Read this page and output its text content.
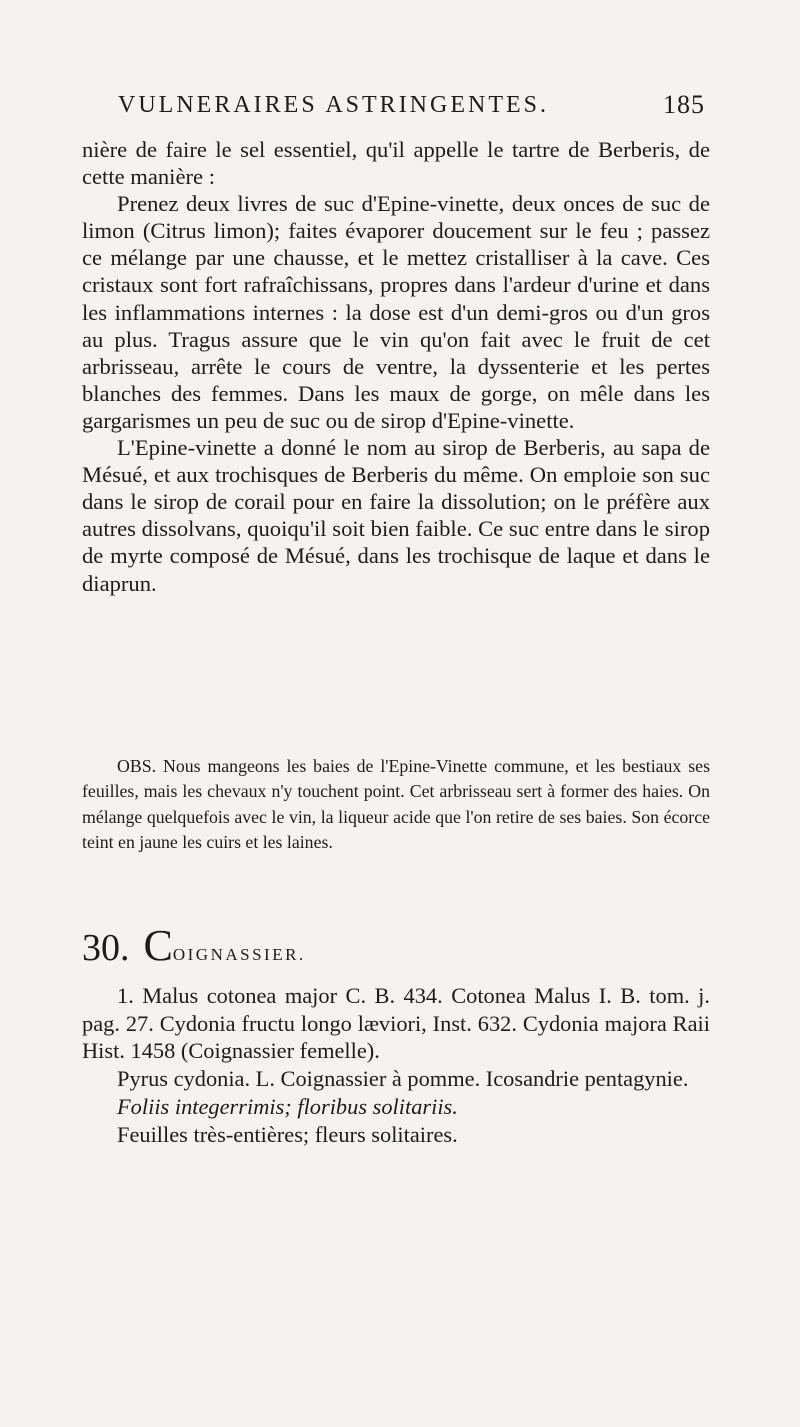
VULNERAIRES ASTRINGENTES.	185

nière de faire le sel essentiel, qu'il appelle le tartre de Berberis, de cette manière :

Prenez deux livres de suc d'Epine-vinette, deux onces de suc de limon (Citrus limon); faites évaporer doucement sur le feu ; passez ce mélange par une chausse, et le mettez cristalliser à la cave. Ces cristaux sont fort rafraîchissans, propres dans l'ardeur d'urine et dans les inflammations internes : la dose est d'un demi-gros ou d'un gros au plus. Tragus assure que le vin qu'on fait avec le fruit de cet arbrisseau, arrête le cours de ventre, la dyssenterie et les pertes blanches des femmes. Dans les maux de gorge, on mêle dans les gargarismes un peu de suc ou de sirop d'Epine-vinette.

L'Epine-vinette a donné le nom au sirop de Berberis, au sapa de Mésué, et aux trochisques de Berberis du même. On emploie son suc dans le sirop de corail pour en faire la dissolution; on le préfère aux autres dissolvans, quoiqu'il soit bien faible. Ce suc entre dans le sirop de myrte composé de Mésué, dans les trochisque de laque et dans le diaprun.

OBS. Nous mangeons les baies de l'Epine-Vinette commune, et les bestiaux ses feuilles, mais les chevaux n'y touchent point. Cet arbrisseau sert à former des haies. On mélange quelquefois avec le vin, la liqueur acide que l'on retire de ses baies. Son écorce teint en jaune les cuirs et les laines.

30. COIGNASSIER.

1. Malus cotonea major C. B. 434. Cotonea Malus I. B. tom. j. pag. 27. Cydonia fructu longo læviori, Inst. 632. Cydonia majora Raii Hist. 1458 (Coignassier femelle).

Pyrus cydonia. L. Coignassier à pomme. Icosandrie pentagynie.

Foliis integerrimis; floribus solitariis.

Feuilles très-entières; fleurs solitaires.
